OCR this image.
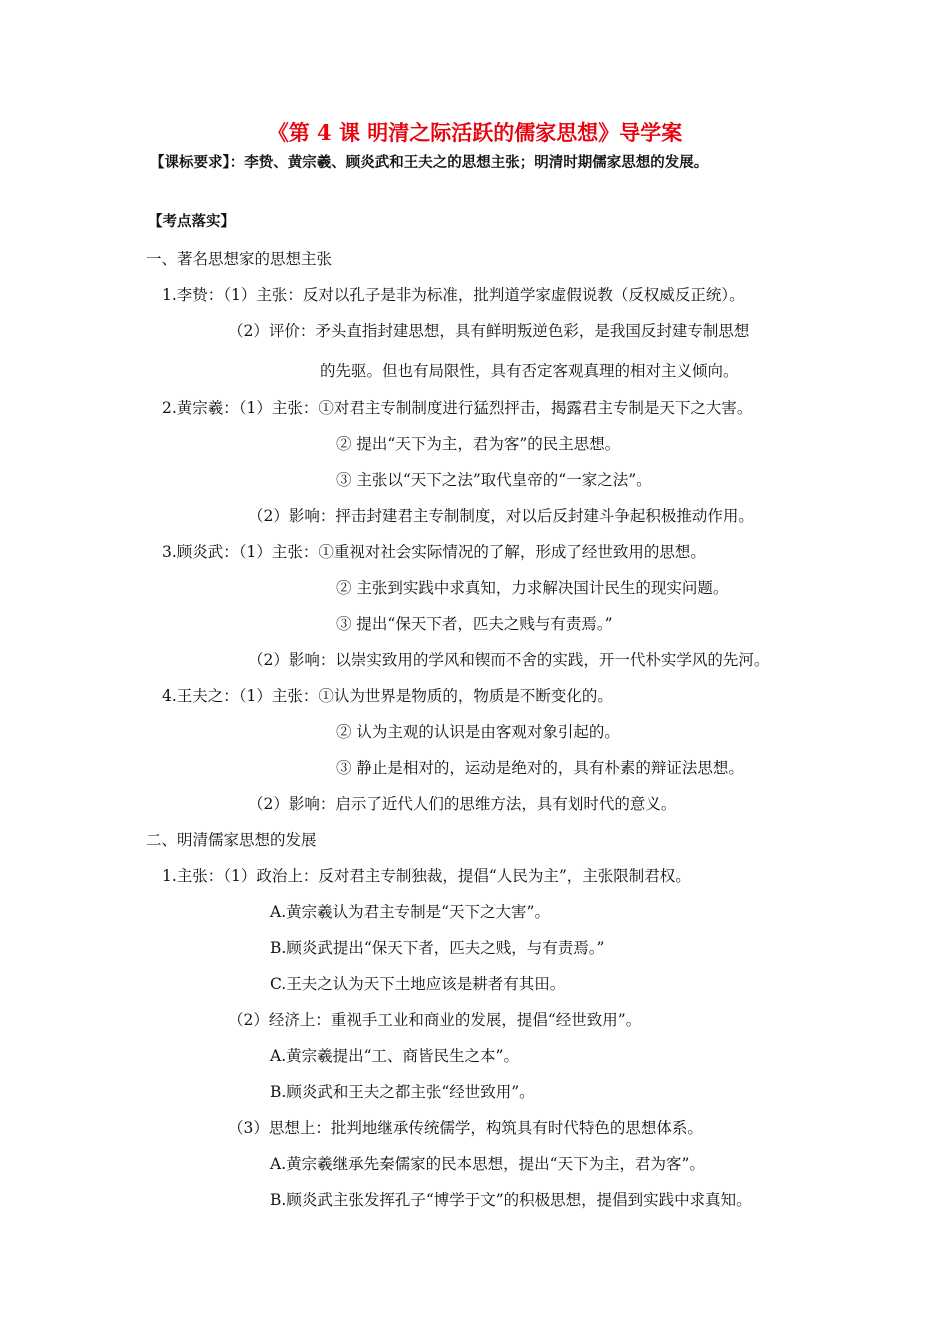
《第 4 课 明清之际活跃的儒家思想》导学案
【课标要求】：李贽、黄宗羲、顾炎武和王夫之的思想主张；明清时期儒家思想的发展。
【考点落实】
一、著名思想家的思想主张
1.李贽：（1）主张：反对以孔子是非为标准，批判道学家虚假说教（反权威反正统）。
（2）评价：矛头直指封建思想，具有鲜明叛逆色彩，是我国反封建专制思想
的先驱。但也有局限性，具有否定客观真理的相对主义倾向。
2.黄宗羲：（1）主张：①对君主专制制度进行猛烈抨击，揭露君主专制是天下之大害。
② 提出“天下为主，君为客”的民主思想。
③ 主张以“天下之法”取代皇帝的“一家之法”。
（2）影响：抨击封建君主专制制度，对以后反封建斗争起积极推动作用。
3.顾炎武：（1）主张：①重视对社会实际情况的了解，形成了经世致用的思想。
② 主张到实践中求真知，力求解决国计民生的现实问题。
③ 提出“保天下者，匹夫之贱与有责焉。”
（2）影响：以崇实致用的学风和锲而不舍的实践，开一代朴实学风的先河。
4.王夫之：（1）主张：①认为世界是物质的，物质是不断变化的。
② 认为主观的认识是由客观对象引起的。
③ 静止是相对的，运动是绝对的，具有朴素的辩证法思想。
（2）影响：启示了近代人们的思维方法，具有划时代的意义。
二、明清儒家思想的发展
1.主张：（1）政治上：反对君主专制独裁，提倡“人民为主”，主张限制君权。
A.黄宗羲认为君主专制是“天下之大害”。
B.顾炎武提出“保天下者，匹夫之贱，与有责焉。”
C.王夫之认为天下土地应该是耕者有其田。
（2）经济上：重视手工业和商业的发展，提倡“经世致用”。
A.黄宗羲提出“工、商皆民生之本”。
B.顾炎武和王夫之都主张“经世致用”。
（3）思想上：批判地继承传统儒学，构筑具有时代特色的思想体系。
A.黄宗羲继承先秦儒家的民本思想，提出“天下为主，君为客”。
B.顾炎武主张发挥孔子“博学于文”的积极思想，提倡到实践中求真知。
